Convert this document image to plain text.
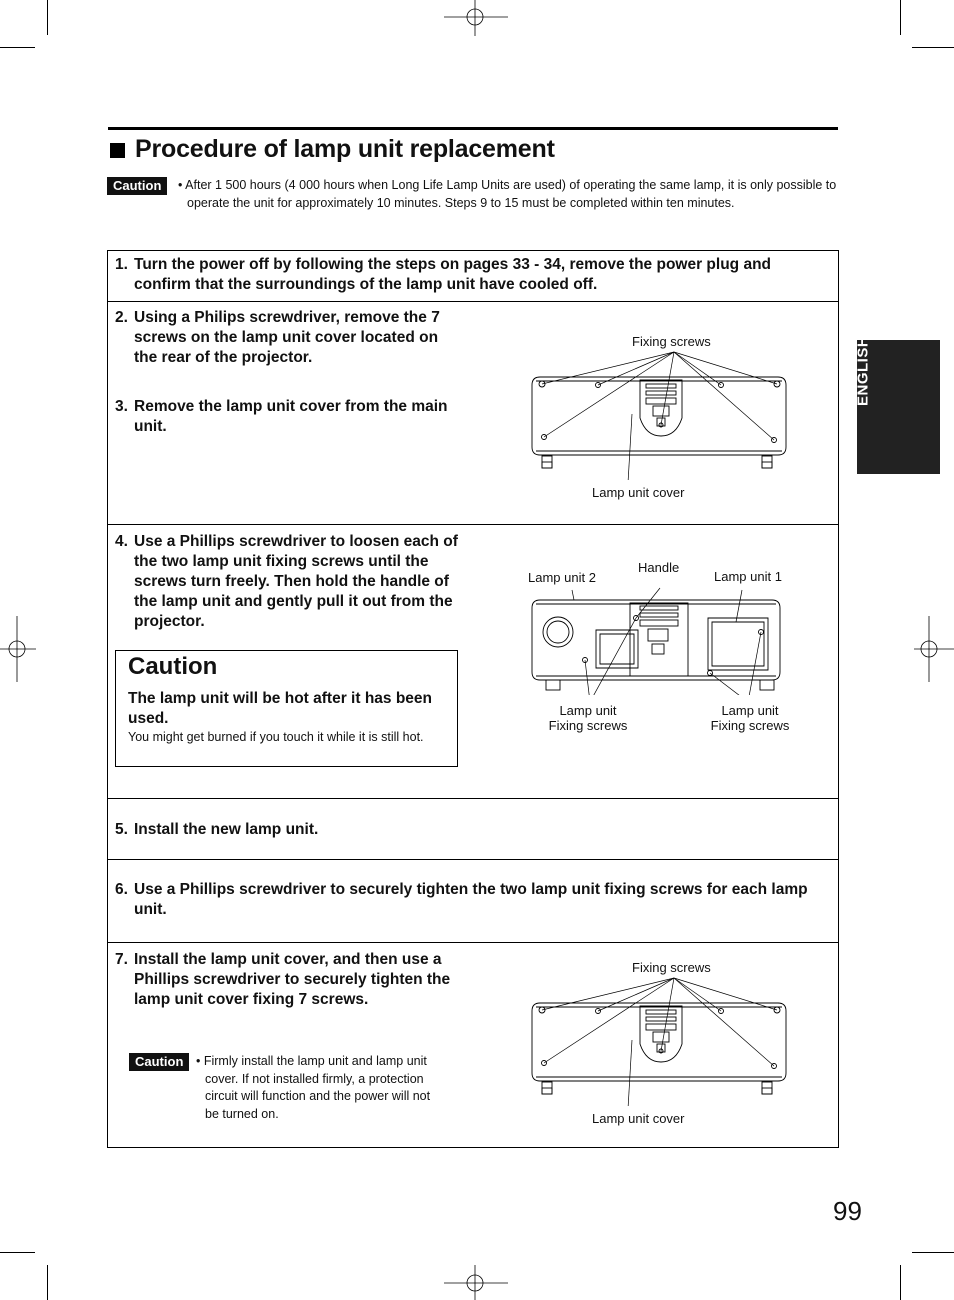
Procedure of lamp unit replacement
Caution	• After 1 500 hours (4 000 hours when Long Life Lamp Units are used) of operating the same lamp, it is only possible to operate the unit for approximately 10 minutes. Steps 9 to 15 must be completed within ten minutes.
ENGLISH
1. Turn the power off by following the steps on pages 33 - 34, remove the power plug and confirm that the surroundings of the lamp unit have cooled off.
2. Using a Philips screwdriver, remove the 7 screws on the lamp unit cover located on the rear of the projector.
3. Remove the lamp unit cover from the main unit.
Fixing screws
Lamp unit cover
4. Use a Phillips screwdriver to loosen each of the two lamp unit fixing screws until the screws turn freely. Then hold the handle of the lamp unit and gently pull it out from the projector.
Caution
The lamp unit will be hot after it has been used.
You might get burned if you touch it while it is still hot.
Lamp unit 2
Handle
Lamp unit 1
Lamp unit
Fixing screws
Lamp unit
Fixing screws
5. Install the new lamp unit.
6. Use a Phillips screwdriver to securely tighten the two lamp unit fixing screws for each lamp unit.
7. Install the lamp unit cover, and then use a Phillips screwdriver to securely tighten the lamp unit cover fixing 7 screws.
Caution	• Firmly install the lamp unit and lamp unit cover. If not installed firmly, a protection circuit will function and the power will not be turned on.
Fixing screws
Lamp unit cover
99
